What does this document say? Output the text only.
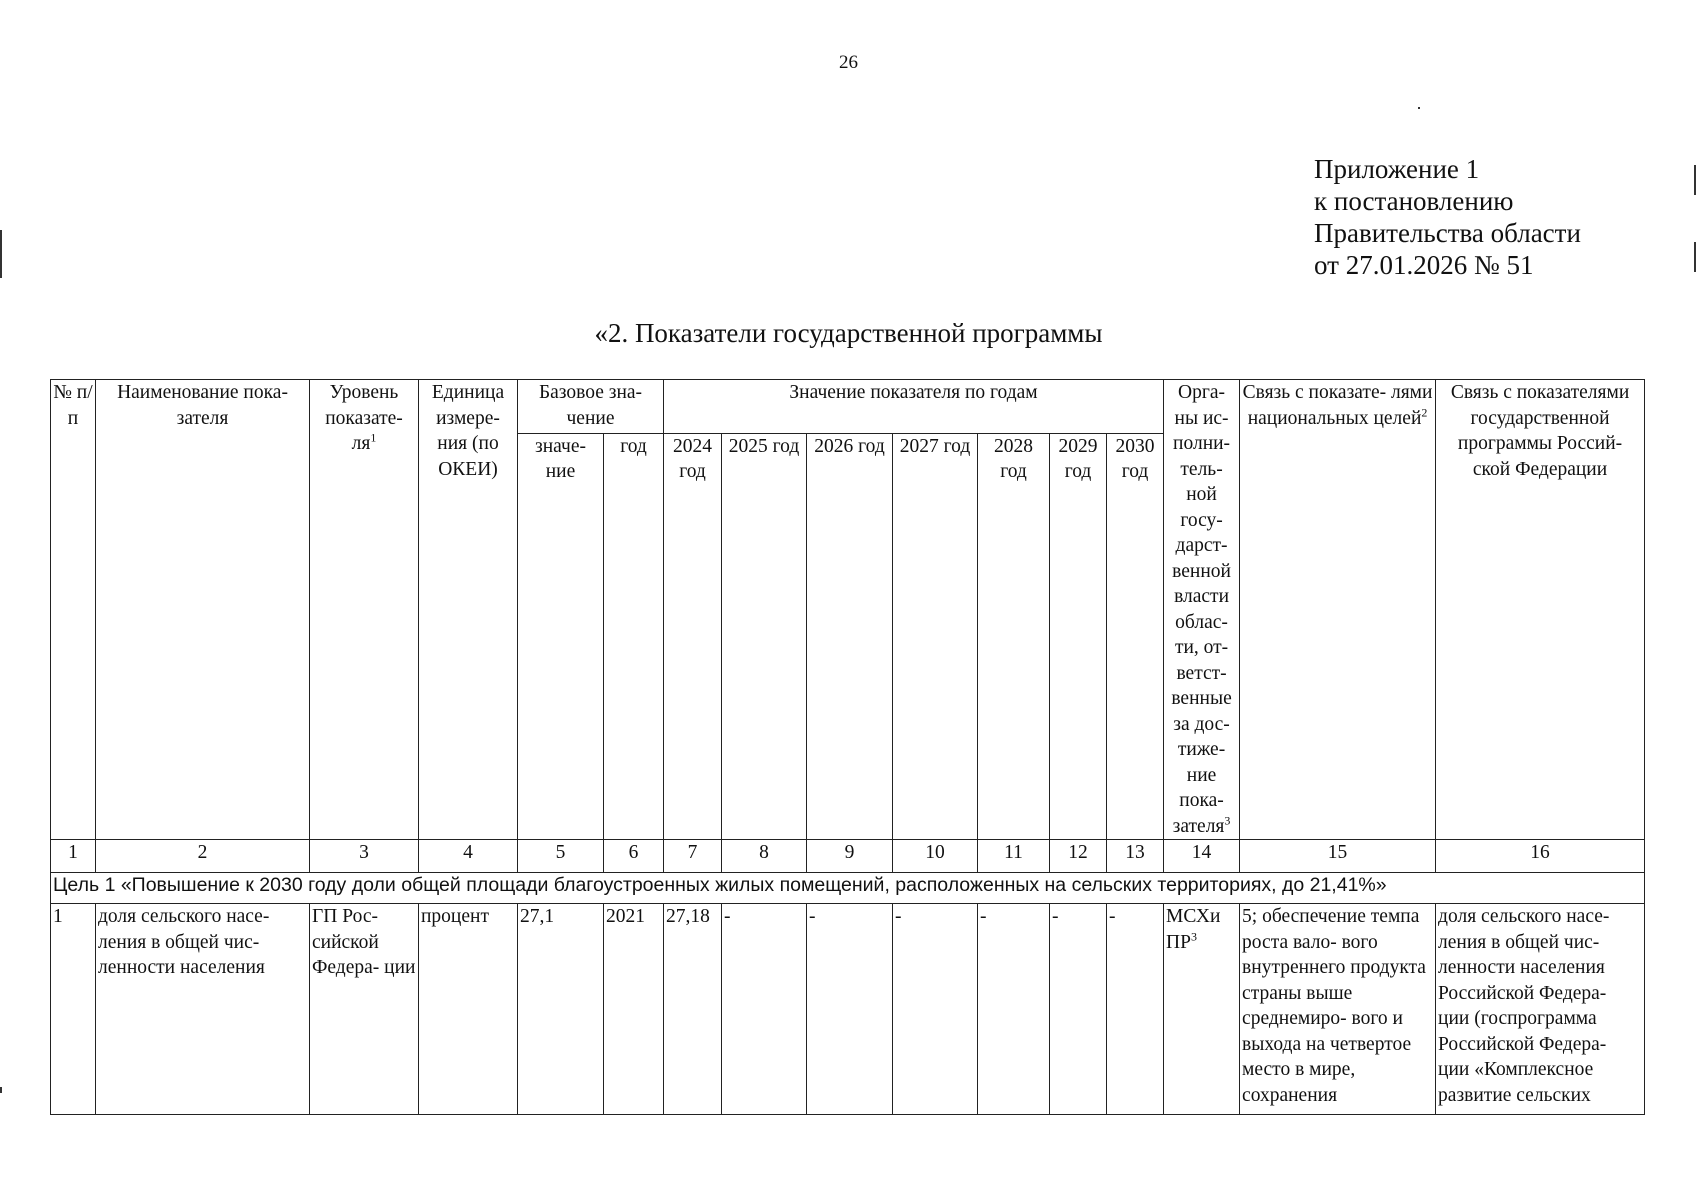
26
Приложение 1
к постановлению
Правительства области
от 27.01.2026 № 51
«2. Показатели государственной программы
№ п/п	Наименование пока- зателя	Уровень показате- $ля^1$	Единица измере- ния (по ОКЕИ)	Базовое зна- чение		Значение показателя по годам							Орга- ны ис- полни- тель- ной госу- дарст- венной власти облас- ти, от- ветст- венные за дос- тиже- ние пока- зателя$^3$	Связь с показате- лями национальных целей$^2$	Связь с показателями государственной программы Россий- ской Федерации
				значе- ние	год	2024 год	2025 год	2026 год	2027 год	2028 год	2029 год	2030 год			
1	2	3	4	5	6	7	8	9	10	11	12	13	14	15	16
Цель 1 «Повышение к 2030 году доли общей площади благоустроенных жилых помещений, расположенных на сельских территориях, до 21,41%»															
1	доля сельского насе- ления в общей чис- ленности населения	ГП Рос- сийской Федера- ции	процент	27,1	2021	27,18	-	-	-	-	-	-	МСХи $ПР^3$	5; обеспечение темпа роста вало- вого внутреннего продукта страны выше среднемиро- вого и выхода на четвертое место в мире, сохранения	доля сельского насе- ления в общей чис- ленности населения Российской Федера- ции (госпрограмма Российской Федера- ции «Комплексное развитие сельских
